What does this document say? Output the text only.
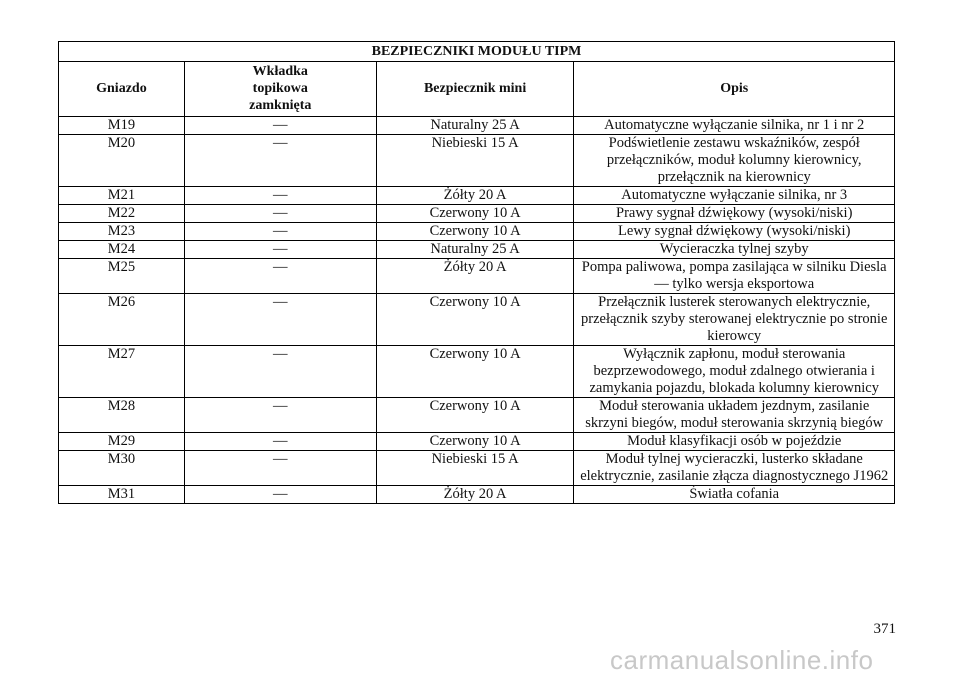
BEZPIECZNIKI MODUŁU TIPM			
Gniazdo	Wkładka topikowa zamknięta	Bezpiecznik mini	Opis
M19	—	Naturalny 25 A	Automatyczne wyłączanie silnika, nr 1 i nr 2
M20	—	Niebieski 15 A	Podświetlenie zestawu wskaźników, zespół przełączników, moduł kolumny kierownicy, przełącznik na kierownicy
M21	—	Żółty 20 A	Automatyczne wyłączanie silnika, nr 3
M22	—	Czerwony 10 A	Prawy sygnał dźwiękowy (wysoki/niski)
M23	—	Czerwony 10 A	Lewy sygnał dźwiękowy (wysoki/niski)
M24	—	Naturalny 25 A	Wycieraczka tylnej szyby
M25	—	Żółty 20 A	Pompa paliwowa, pompa zasilająca w silniku Diesla — tylko wersja eksportowa
M26	—	Czerwony 10 A	Przełącznik lusterek sterowanych elektrycznie, przełącznik szyby sterowanej elektrycznie po stronie kierowcy
M27	—	Czerwony 10 A	Wyłącznik zapłonu, moduł sterowania bezprzewodowego, moduł zdalnego otwierania i zamykania pojazdu, blokada kolumny kierownicy
M28	—	Czerwony 10 A	Moduł sterowania układem jezdnym, zasilanie skrzyni biegów, moduł sterowania skrzynią biegów
M29	—	Czerwony 10 A	Moduł klasyfikacji osób w pojeździe
M30	—	Niebieski 15 A	Moduł tylnej wycieraczki, lusterko składane elektrycznie, zasilanie złącza diagnostycznego J1962
M31	—	Żółty 20 A	Światła cofania
371
carmanualsonline.info
